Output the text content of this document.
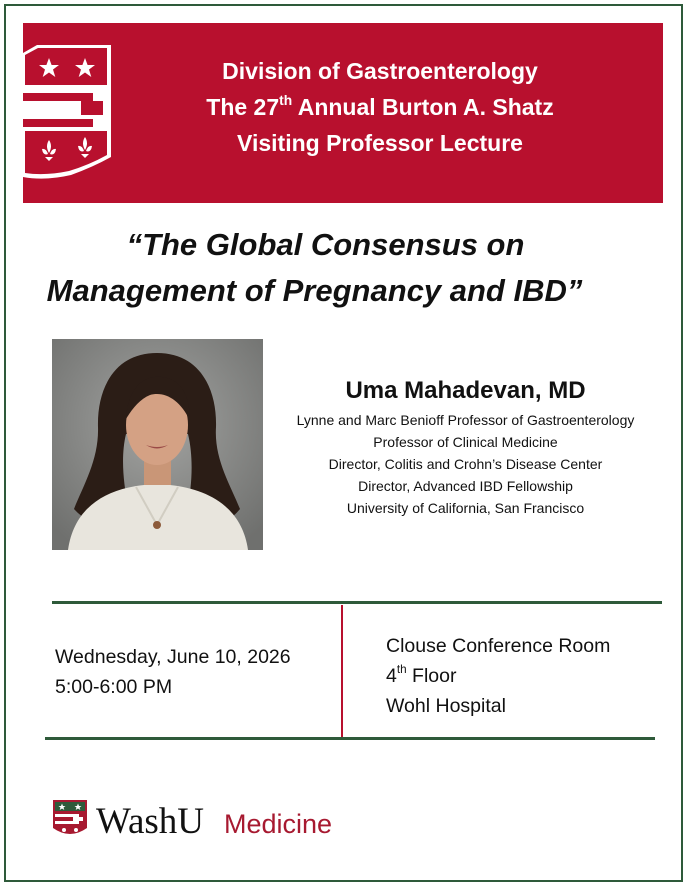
Division of Gastroenterology
The 27th Annual Burton A. Shatz
Visiting Professor Lecture
“The Global Consensus on
Management of Pregnancy and IBD”
Uma Mahadevan, MD
Lynne and Marc Benioff Professor of Gastroenterology
Professor of Clinical Medicine
Director, Colitis and Crohn’s Disease Center
Director, Advanced IBD Fellowship
University of California, San Francisco
Wednesday, June 10, 2026
5:00-6:00 PM
Clouse Conference Room
4th Floor
Wohl Hospital
WashU Medicine
